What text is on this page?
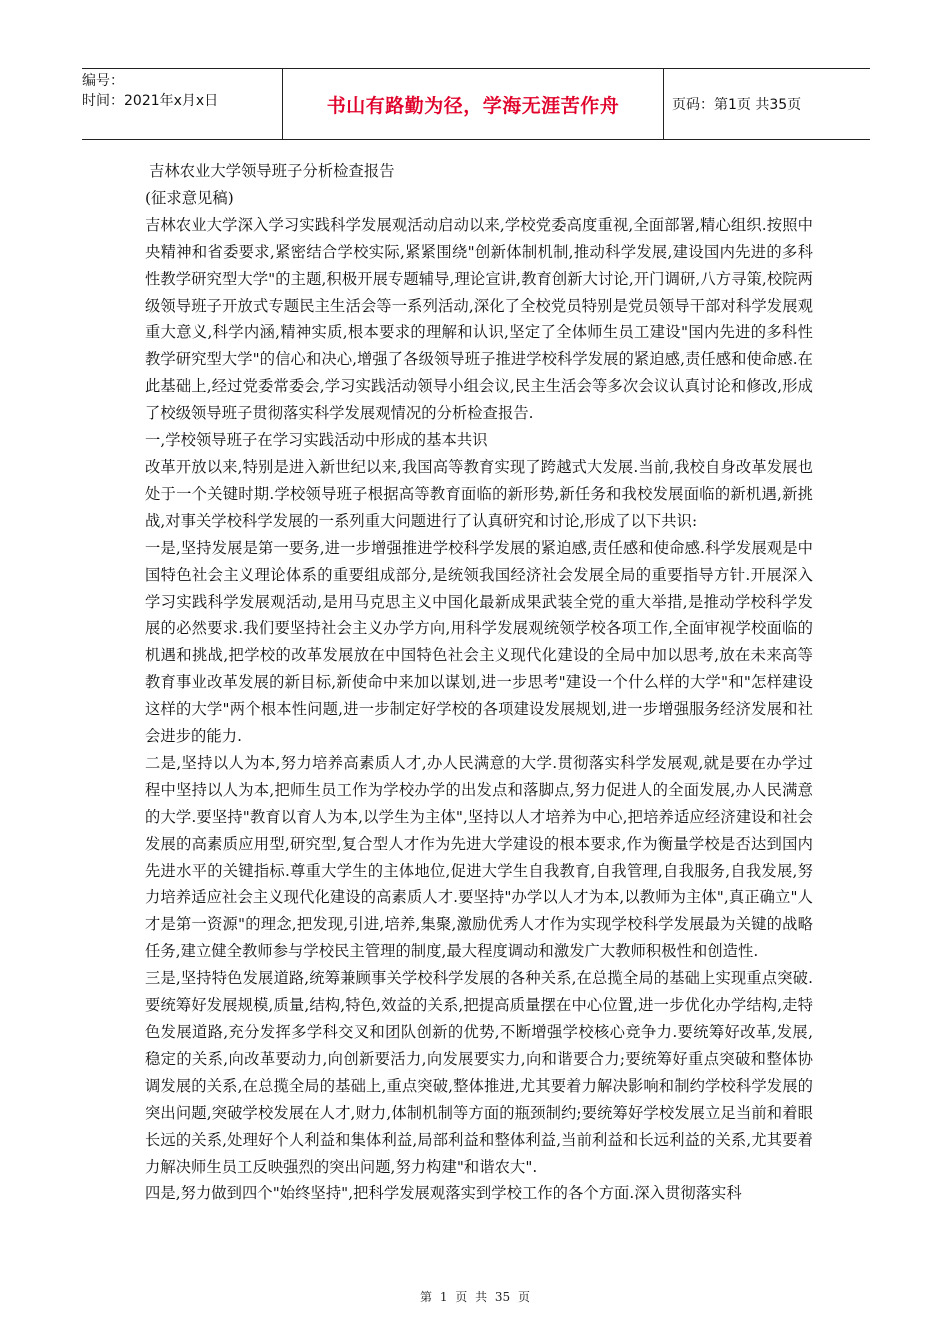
编号：
时间：2021年x月x日	书山有路勤为径，学海无涯苦作舟	页码：第1页 共35页

吉林农业大学领导班子分析检查报告

(征求意见稿)

吉林农业大学深入学习实践科学发展观活动启动以来,学校党委高度重视,全面部署,精心组织.按照中央精神和省委要求,紧密结合学校实际,紧紧围绕"创新体制机制,推动科学发展,建设国内先进的多科性教学研究型大学"的主题,积极开展专题辅导,理论宣讲,教育创新大讨论,开门调研,八方寻策,校院两级领导班子开放式专题民主生活会等一系列活动,深化了全校党员特别是党员领导干部对科学发展观重大意义,科学内涵,精神实质,根本要求的理解和认识,坚定了全体师生员工建设"国内先进的多科性教学研究型大学"的信心和决心,增强了各级领导班子推进学校科学发展的紧迫感,责任感和使命感.在此基础上,经过党委常委会,学习实践活动领导小组会议,民主生活会等多次会议认真讨论和修改,形成了校级领导班子贯彻落实科学发展观情况的分析检查报告.

一,学校领导班子在学习实践活动中形成的基本共识

改革开放以来,特别是进入新世纪以来,我国高等教育实现了跨越式大发展.当前,我校自身改革发展也处于一个关键时期.学校领导班子根据高等教育面临的新形势,新任务和我校发展面临的新机遇,新挑战,对事关学校科学发展的一系列重大问题进行了认真研究和讨论,形成了以下共识:

一是,坚持发展是第一要务,进一步增强推进学校科学发展的紧迫感,责任感和使命感.科学发展观是中国特色社会主义理论体系的重要组成部分,是统领我国经济社会发展全局的重要指导方针.开展深入学习实践科学发展观活动,是用马克思主义中国化最新成果武装全党的重大举措,是推动学校科学发展的必然要求.我们要坚持社会主义办学方向,用科学发展观统领学校各项工作,全面审视学校面临的机遇和挑战,把学校的改革发展放在中国特色社会主义现代化建设的全局中加以思考,放在未来高等教育事业改革发展的新目标,新使命中来加以谋划,进一步思考"建设一个什么样的大学"和"怎样建设这样的大学"两个根本性问题,进一步制定好学校的各项建设发展规划,进一步增强服务经济发展和社会进步的能力.

二是,坚持以人为本,努力培养高素质人才,办人民满意的大学.贯彻落实科学发展观,就是要在办学过程中坚持以人为本,把师生员工作为学校办学的出发点和落脚点,努力促进人的全面发展,办人民满意的大学.要坚持"教育以育人为本,以学生为主体",坚持以人才培养为中心,把培养适应经济建设和社会发展的高素质应用型,研究型,复合型人才作为先进大学建设的根本要求,作为衡量学校是否达到国内先进水平的关键指标.尊重大学生的主体地位,促进大学生自我教育,自我管理,自我服务,自我发展,努力培养适应社会主义现代化建设的高素质人才.要坚持"办学以人才为本,以教师为主体",真正确立"人才是第一资源"的理念,把发现,引进,培养,集聚,激励优秀人才作为实现学校科学发展最为关键的战略任务,建立健全教师参与学校民主管理的制度,最大程度调动和激发广大教师积极性和创造性.

三是,坚持特色发展道路,统筹兼顾事关学校科学发展的各种关系,在总揽全局的基础上实现重点突破.要统筹好发展规模,质量,结构,特色,效益的关系,把提高质量摆在中心位置,进一步优化办学结构,走特色发展道路,充分发挥多学科交叉和团队创新的优势,不断增强学校核心竞争力.要统筹好改革,发展,稳定的关系,向改革要动力,向创新要活力,向发展要实力,向和谐要合力;要统筹好重点突破和整体协调发展的关系,在总揽全局的基础上,重点突破,整体推进,尤其要着力解决影响和制约学校科学发展的突出问题,突破学校发展在人才,财力,体制机制等方面的瓶颈制约;要统筹好学校发展立足当前和着眼长远的关系,处理好个人利益和集体利益,局部利益和整体利益,当前利益和长远利益的关系,尤其要着力解决师生员工反映强烈的突出问题,努力构建"和谐农大".

四是,努力做到四个"始终坚持",把科学发展观落实到学校工作的各个方面.深入贯彻落实科

第 1 页 共 35 页
